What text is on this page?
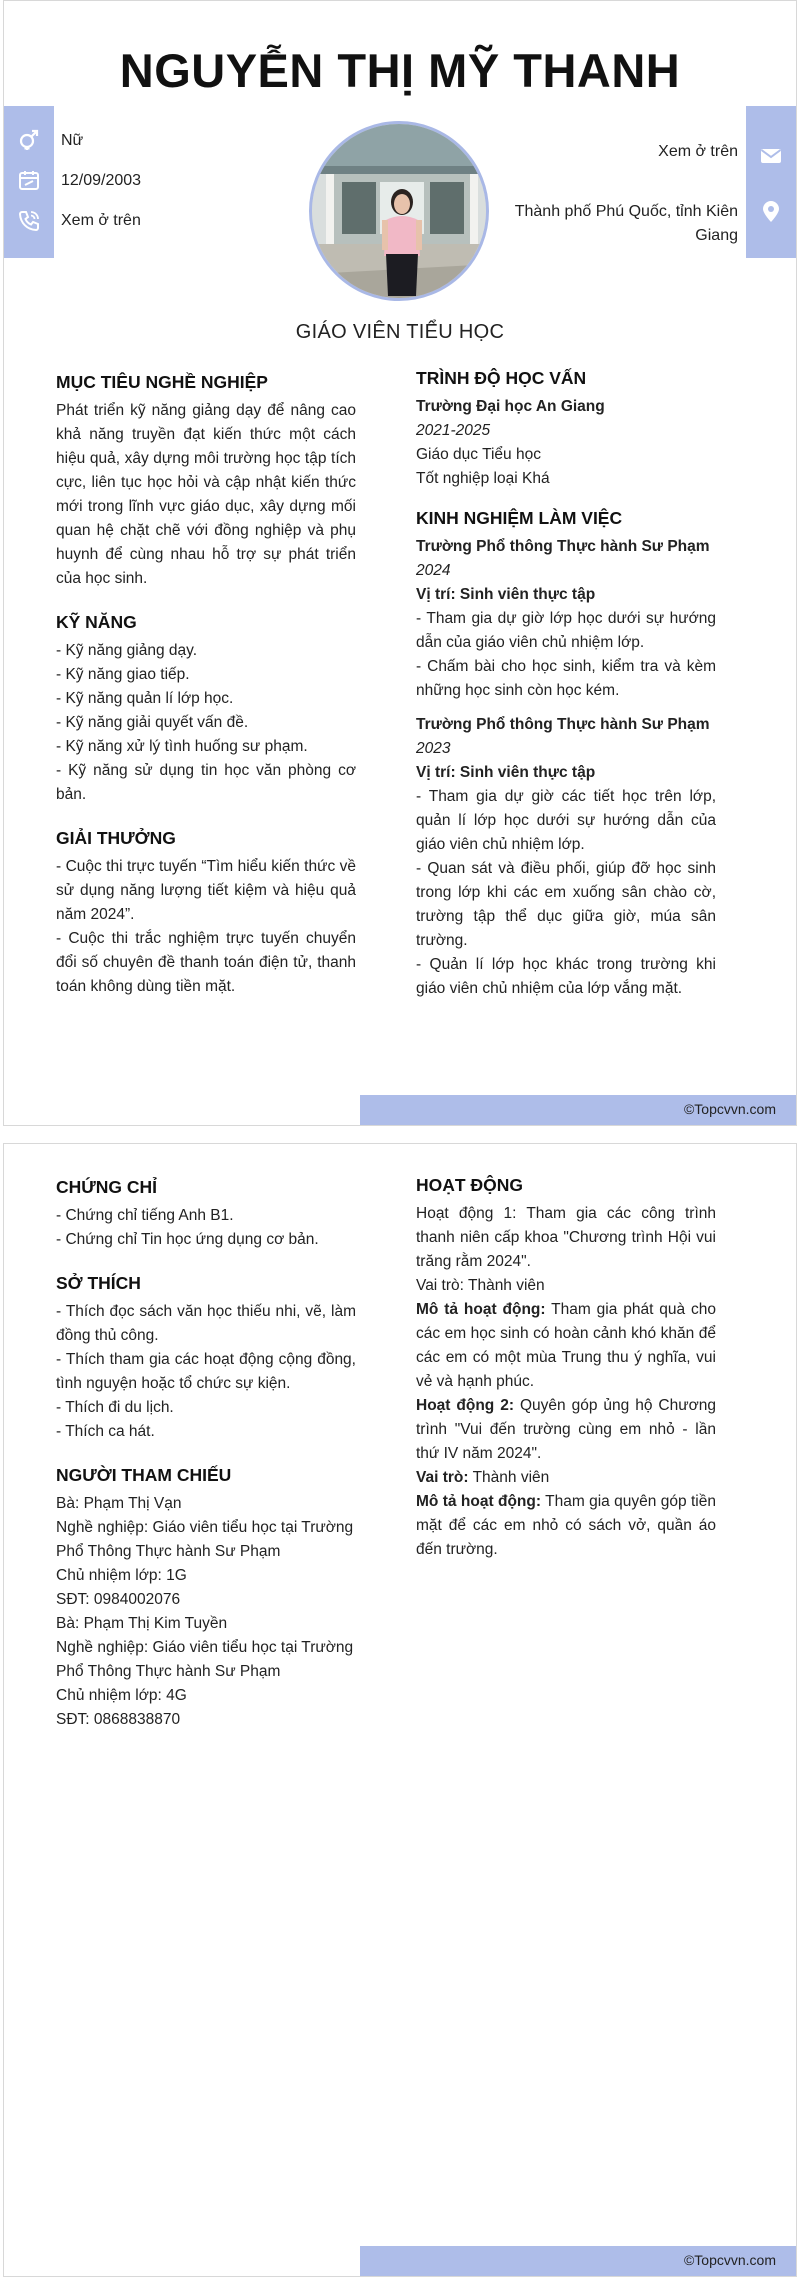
NGUYỄN THỊ MỸ THANH
Nữ
12/09/2003
Xem ở trên
Xem ở trên
Thành phố Phú Quốc, tỉnh Kiên Giang
GIÁO VIÊN TIỂU HỌC
MỤC TIÊU NGHỀ NGHIỆP
Phát triển kỹ năng giảng dạy để nâng cao khả năng truyền đạt kiến thức một cách hiệu quả, xây dựng môi trường học tập tích cực, liên tục học hỏi và cập nhật kiến thức mới trong lĩnh vực giáo dục, xây dựng mối quan hệ chặt chẽ với đồng nghiệp và phụ huynh để cùng nhau hỗ trợ sự phát triển của học sinh.
KỸ NĂNG
- Kỹ năng giảng dạy.
- Kỹ năng giao tiếp.
- Kỹ năng quản lí lớp học.
- Kỹ năng giải quyết vấn đề.
- Kỹ năng xử lý tình huống sư phạm.
- Kỹ năng sử dụng tin học văn phòng cơ bản.
GIẢI THƯỞNG
- Cuộc thi trực tuyến “Tìm hiểu kiến thức về sử dụng năng lượng tiết kiệm và hiệu quả năm 2024”.
- Cuộc thi trắc nghiệm trực tuyến chuyển đổi số chuyên đề thanh toán điện tử, thanh toán không dùng tiền mặt.
TRÌNH ĐỘ HỌC VẤN
Trường Đại học An Giang
2021-2025
Giáo dục Tiểu học
Tốt nghiệp loại Khá
KINH NGHIỆM LÀM VIỆC
Trường Phổ thông Thực hành Sư Phạm
2024
Vị trí: Sinh viên thực tập
- Tham gia dự giờ lớp học dưới sự hướng dẫn của giáo viên chủ nhiệm lớp.
- Chấm bài cho học sinh, kiểm tra và kèm những học sinh còn học kém.
Trường Phổ thông Thực hành Sư Phạm
2023
Vị trí: Sinh viên thực tập
- Tham gia dự giờ các tiết học trên lớp, quản lí lớp học dưới sự hướng dẫn của giáo viên chủ nhiệm lớp.
- Quan sát và điều phối, giúp đỡ học sinh trong lớp khi các em xuống sân chào cờ, trường tập thể dục giữa giờ, múa sân trường.
- Quản lí lớp học khác trong trường khi giáo viên chủ nhiệm của lớp vắng mặt.
©Topcvvn.com
CHỨNG CHỈ
- Chứng chỉ tiếng Anh B1.
- Chứng chỉ Tin học ứng dụng cơ bản.
SỞ THÍCH
- Thích đọc sách văn học thiếu nhi, vẽ, làm đồng thủ công.
- Thích tham gia các hoạt động cộng đồng, tình nguyện hoặc tổ chức sự kiện.
- Thích đi du lịch.
- Thích ca hát.
NGƯỜI THAM CHIẾU
Bà: Phạm Thị Vạn
Nghề nghiệp: Giáo viên tiểu học tại Trường Phổ Thông Thực hành Sư Phạm
Chủ nhiệm lớp: 1G
SĐT: 0984002076
Bà: Phạm Thị Kim Tuyền
Nghề nghiệp: Giáo viên tiểu học tại Trường Phổ Thông Thực hành Sư Phạm
Chủ nhiệm lớp: 4G
SĐT: 0868838870
HOẠT ĐỘNG
Hoạt động 1: Tham gia các công trình thanh niên cấp khoa "Chương trình Hội vui trăng rằm 2024".
Vai trò: Thành viên
Mô tả hoạt động: Tham gia phát quà cho các em học sinh có hoàn cảnh khó khăn để các em có một mùa Trung thu ý nghĩa, vui vẻ và hạnh phúc.
Hoạt động 2: Quyên góp ủng hộ Chương trình "Vui đến trường cùng em nhỏ - lần thứ IV năm 2024".
Vai trò: Thành viên
Mô tả hoạt động: Tham gia quyên góp tiền mặt để các em nhỏ có sách vở, quần áo đến trường.
©Topcvvn.com
